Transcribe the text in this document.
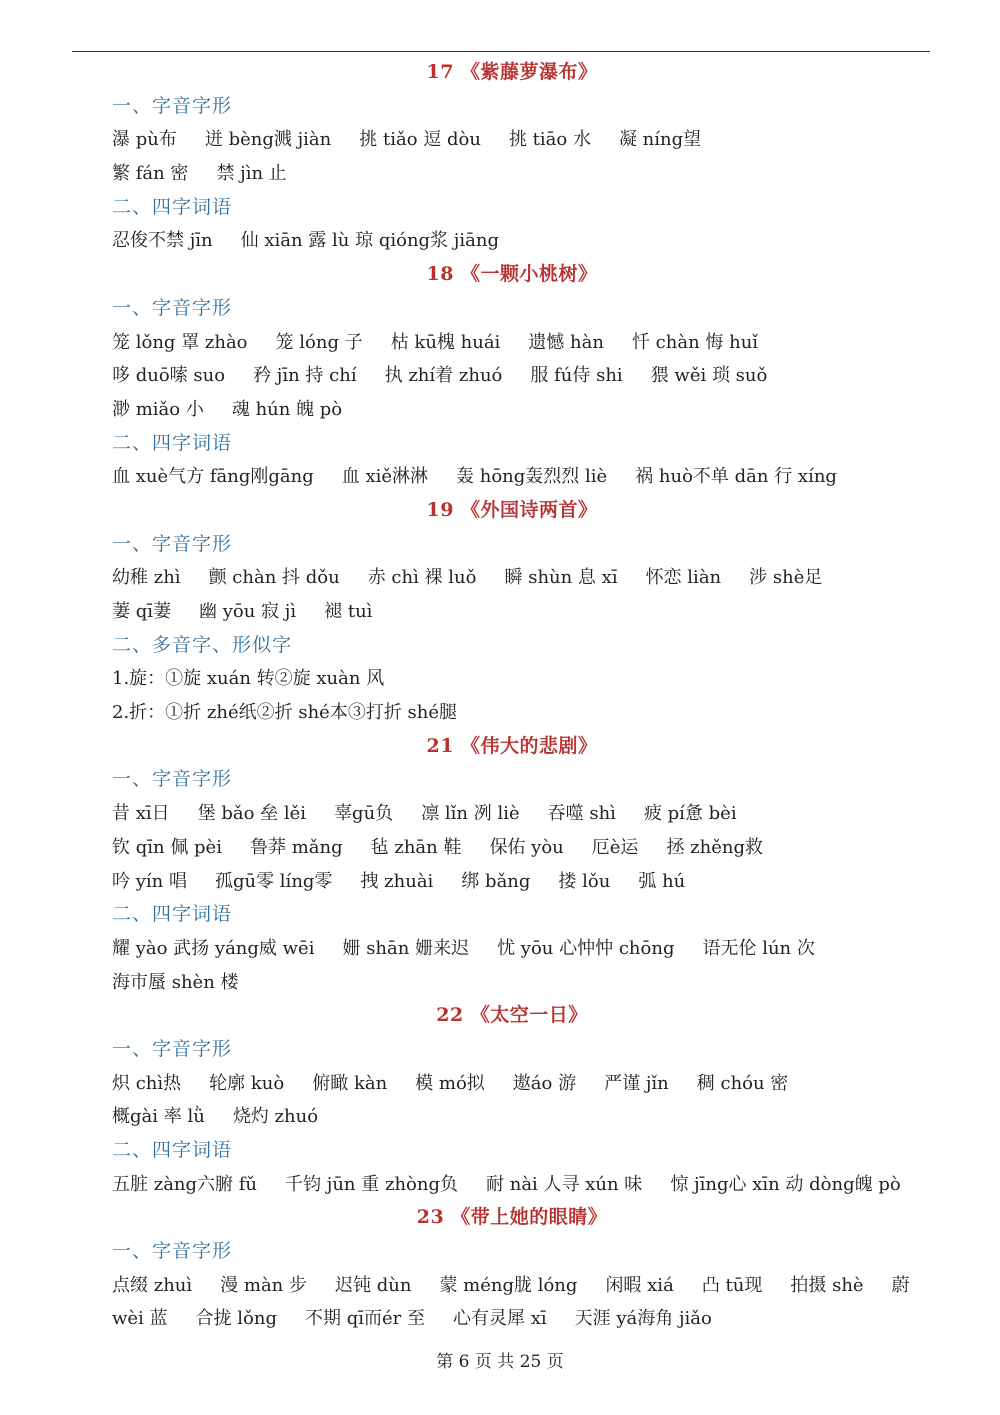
17 《紫藤萝瀑布》
一、字音字形
瀑 pù布 迸 bèng溅 jiàn 挑 tiǎo 逗 dòu 挑 tiāo 水 凝 níng望
繁 fán 密 禁 jìn 止
二、四字词语
忍俊不禁 jīn 仙 xiān 露 lù 琼 qióng浆 jiāng
18 《一颗小桃树》
一、字音字形
笼 lǒng 罩 zhào 笼 lóng 子 枯 kū槐 huái 遗憾 hàn 忏 chàn 悔 huǐ
哆 duō嗦 suo 矜 jīn 持 chí 执 zhí着 zhuó 服 fú侍 shi 猥 wěi 琐 suǒ
渺 miǎo 小 魂 hún 魄 pò
二、四字词语
血 xuè气方 fāng刚gāng 血 xiě淋淋 轰 hōng轰烈烈 liè 祸 huò不单 dān 行 xíng
19 《外国诗两首》
一、字音字形
幼稚 zhì 颤 chàn 抖 dǒu 赤 chì 裸 luǒ 瞬 shùn 息 xī 怀恋 liàn 涉 shè足
萋 qī萋 幽 yōu 寂 jì 褪 tuì
二、多音字、形似字
1.旋：①旋 xuán 转②旋 xuàn 风
2.折：①折 zhé纸②折 shé本③打折 shé腿
21 《伟大的悲剧》
一、字音字形
昔 xī日 堡 bǎo 垒 lěi 辜gū负 凛 lǐn 冽 liè 吞噬 shì 疲 pí惫 bèi
钦 qīn 佩 pèi 鲁莽 mǎng 毡 zhān 鞋 保佑 yòu 厄è运 拯 zhěng救
吟 yín 唱 孤gū零 líng零 拽 zhuài 绑 bǎng 搂 lǒu 弧 hú
二、四字词语
耀 yào 武扬 yáng威 wēi 姗 shān 姗来迟 忧 yōu 心忡忡 chōng 语无伦 lún 次
海市蜃 shèn 楼
22 《太空一日》
一、字音字形
炽 chì热 轮廓 kuò 俯瞰 kàn 模 mó拟 遨áo 游 严谨 jǐn 稠 chóu 密
概gài 率 lǜ 烧灼 zhuó
二、四字词语
五脏 zàng六腑 fǔ 千钧 jūn 重 zhòng负 耐 nài 人寻 xún 味 惊 jīng心 xīn 动 dòng魄 pò
23 《带上她的眼睛》
一、字音字形
点缀 zhuì 漫 màn 步 迟钝 dùn 蒙 méng胧 lóng 闲暇 xiá 凸 tū现 拍摄 shè 蔚
wèi 蓝 合拢 lǒng 不期 qī而ér 至 心有灵犀 xī 天涯 yá海角 jiǎo
第 6 页 共 25 页
